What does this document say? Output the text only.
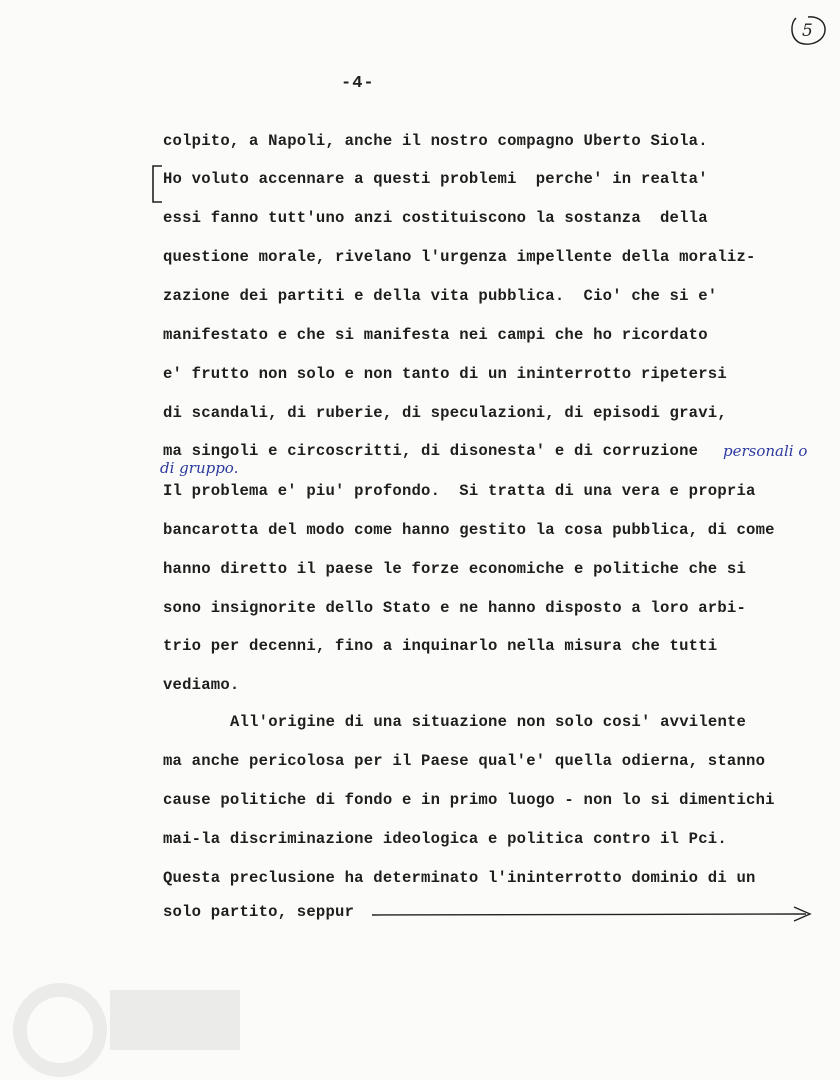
5
-4-
colpito, a Napoli, anche il nostro compagno Uberto Siola.
Ho voluto accennare a questi problemi  perche' in realta'
essi fanno tutt'uno anzi costituiscono la sostanza  della
questione morale, rivelano l'urgenza impellente della moraliz-
zazione dei partiti e della vita pubblica.  Cio' che si e'
manifestato e che si manifesta nei campi che ho ricordato
e' frutto non solo e non tanto di un ininterrotto ripetersi
di scandali, di ruberie, di speculazioni, di episodi gravi,
ma singoli e circoscritti, di disonesta' e di corruzione personali o
di gruppo.
Il problema e' piu' profondo.  Si tratta di una vera e propria
bancarotta del modo come hanno gestito la cosa pubblica, di come
hanno diretto il paese le forze economiche e politiche che si
sono insignorite dello Stato e ne hanno disposto a loro arbi-
trio per decenni, fino a inquinarlo nella misura che tutti
vediamo.
All'origine di una situazione non solo cosi' avvilente
ma anche pericolosa per il Paese qual'e' quella odierna, stanno
cause politiche di fondo e in primo luogo - non lo si dimentichi
mai-la discriminazione ideologica e politica contro il Pci.
Questa preclusione ha determinato l'ininterrotto dominio di un
solo partito, seppur
